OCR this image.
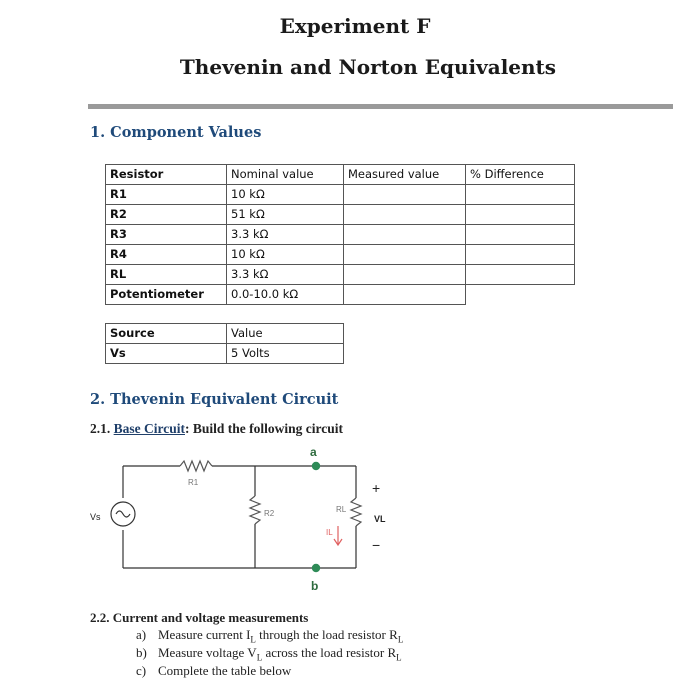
Experiment F
Thevenin and Norton Equivalents
1. Component Values
Resistor	Nominal value	Measured value	% Difference
R1	10 kΩ		
R2	51 kΩ		
R3	3.3 kΩ		
R4	10 kΩ		
RL	3.3 kΩ		
Potentiometer	0.0-10.0 kΩ		
Source	Value
Vs	5 Volts
2. Thevenin Equivalent Circuit
2.1. Base Circuit: Build the following circuit
a
b
R1
R2	RL
Vs
IL
+
VL
−
2.2. Current and voltage measurements
a) Measure current $I_L$ through the load resistor $R_L$
b) Measure voltage $V_L$ across the load resistor $R_L$
c) Complete the table below
